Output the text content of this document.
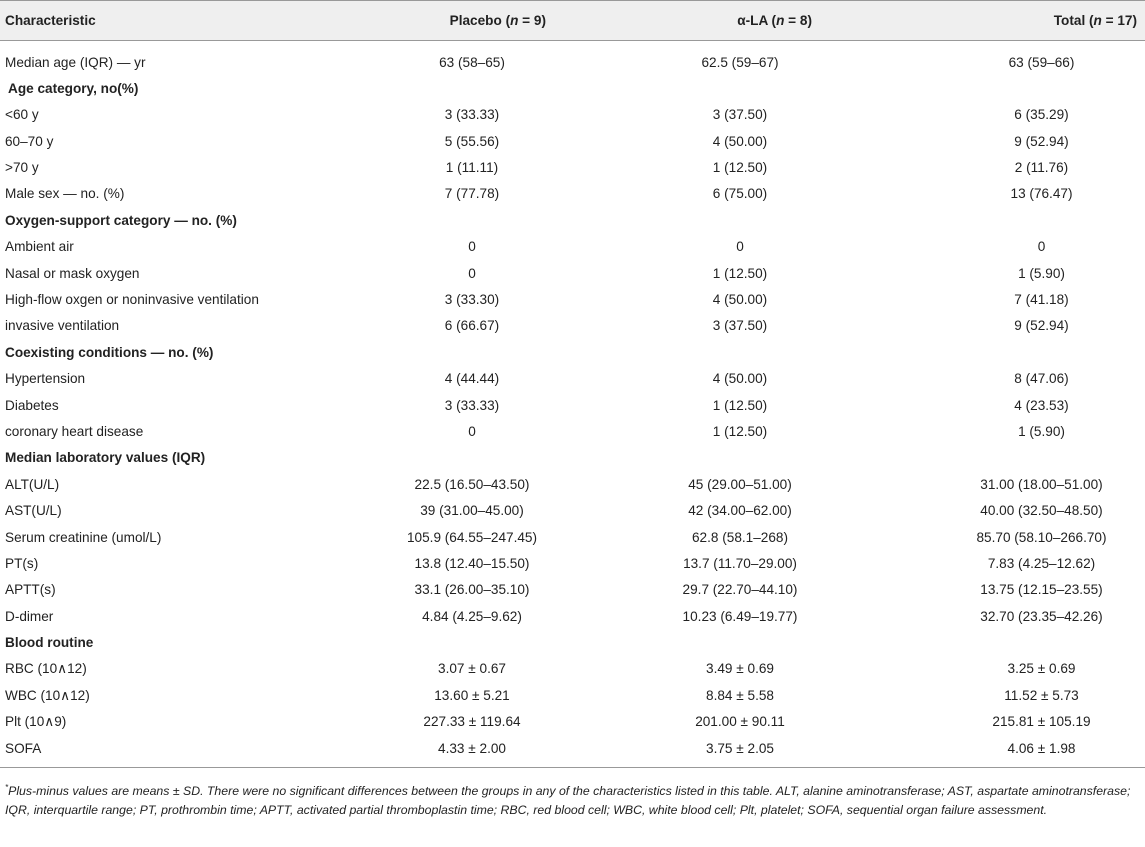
Characteristic	Placebo (n = 9)	α-LA (n = 8)	Total (n = 17)
Median age (IQR) — yr	63 (58–65)	62.5 (59–67)	63 (59–66)
Age category, no(%)			
<60 y	3 (33.33)	3 (37.50)	6 (35.29)
60–70 y	5 (55.56)	4 (50.00)	9 (52.94)
>70 y	1 (11.11)	1 (12.50)	2 (11.76)
Male sex — no. (%)	7 (77.78)	6 (75.00)	13 (76.47)
Oxygen-support category — no. (%)			
Ambient air	0	0	0
Nasal or mask oxygen	0	1 (12.50)	1 (5.90)
High-flow oxgen or noninvasive ventilation	3 (33.30)	4 (50.00)	7 (41.18)
invasive ventilation	6 (66.67)	3 (37.50)	9 (52.94)
Coexisting conditions — no. (%)			
Hypertension	4 (44.44)	4 (50.00)	8 (47.06)
Diabetes	3 (33.33)	1 (12.50)	4 (23.53)
coronary heart disease	0	1 (12.50)	1 (5.90)
Median laboratory values (IQR)			
ALT(U/L)	22.5 (16.50–43.50)	45 (29.00–51.00)	31.00 (18.00–51.00)
AST(U/L)	39 (31.00–45.00)	42 (34.00–62.00)	40.00 (32.50–48.50)
Serum creatinine (umol/L)	105.9 (64.55–247.45)	62.8 (58.1–268)	85.70 (58.10–266.70)
PT(s)	13.8 (12.40–15.50)	13.7 (11.70–29.00)	7.83 (4.25–12.62)
APTT(s)	33.1 (26.00–35.10)	29.7 (22.70–44.10)	13.75 (12.15–23.55)
D-dimer	4.84 (4.25–9.62)	10.23 (6.49–19.77)	32.70 (23.35–42.26)
Blood routine			
RBC (10∧12)	3.07 ± 0.67	3.49 ± 0.69	3.25 ± 0.69
WBC (10∧12)	13.60 ± 5.21	8.84 ± 5.58	11.52 ± 5.73
Plt (10∧9)	227.33 ± 119.64	201.00 ± 90.11	215.81 ± 105.19
SOFA	4.33 ± 2.00	3.75 ± 2.05	4.06 ± 1.98
*Plus-minus values are means ± SD. There were no significant differences between the groups in any of the characteristics listed in this table. ALT, alanine aminotransferase; AST, aspartate aminotransferase; IQR, interquartile range; PT, prothrombin time; APTT, activated partial thromboplastin time; RBC, red blood cell; WBC, white blood cell; Plt, platelet; SOFA, sequential organ failure assessment.
